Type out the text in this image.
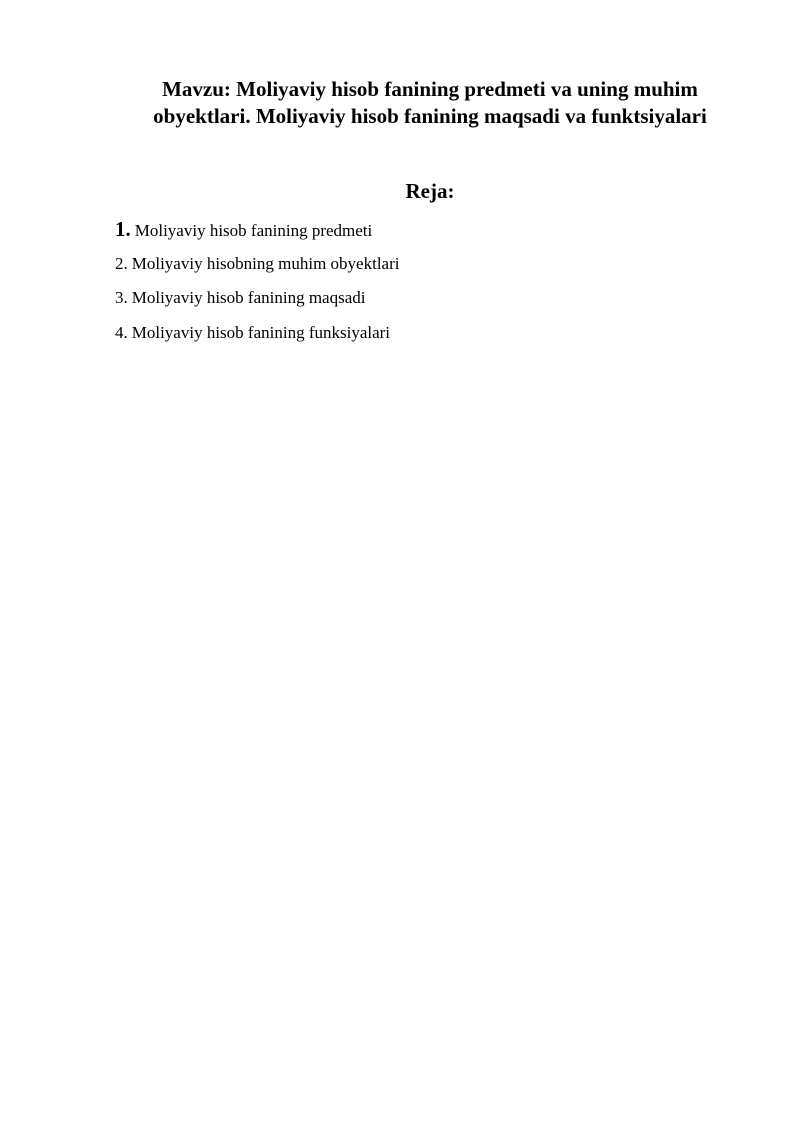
Mavzu: Moliyaviy hisob fanining predmeti va uning muhim
obyektlari. Moliyaviy hisob fanining maqsadi va funktsiyalari
Reja:
1. Moliyaviy hisob fanining predmeti
2. Moliyaviy hisobning muhim obyektlari
3. Moliyaviy hisob fanining maqsadi
4. Moliyaviy hisob fanining funksiyalari
